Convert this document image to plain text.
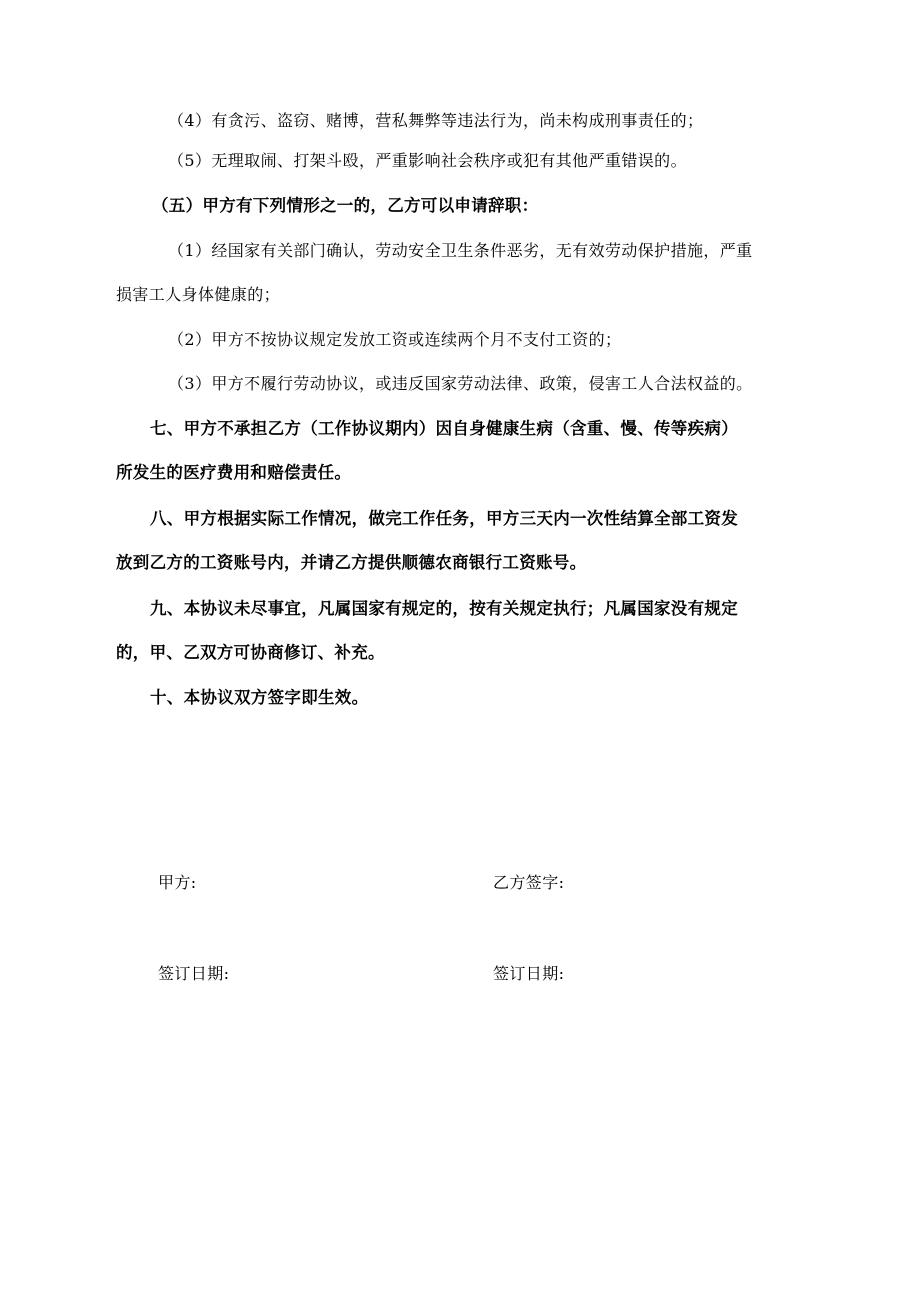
（4）有贪污、盗窃、赌博，营私舞弊等违法行为，尚未构成刑事责任的；
（5）无理取闹、打架斗殴，严重影响社会秩序或犯有其他严重错误的。
（五）甲方有下列情形之一的，乙方可以申请辞职：
（1）经国家有关部门确认，劳动安全卫生条件恶劣，无有效劳动保护措施，严重
损害工人身体健康的；
（2）甲方不按协议规定发放工资或连续两个月不支付工资的；
（3）甲方不履行劳动协议，或违反国家劳动法律、政策，侵害工人合法权益的。
七、甲方不承担乙方（工作协议期内）因自身健康生病（含重、慢、传等疾病）
所发生的医疗费用和赔偿责任。
八、甲方根据实际工作情况，做完工作任务，甲方三天内一次性结算全部工资发
放到乙方的工资账号内，并请乙方提供顺德农商银行工资账号。
九、本协议未尽事宜，凡属国家有规定的，按有关规定执行；凡属国家没有规定
的，甲、乙双方可协商修订、补充。
十、本协议双方签字即生效。
甲方:	乙方签字:
签订日期:	签订日期:
